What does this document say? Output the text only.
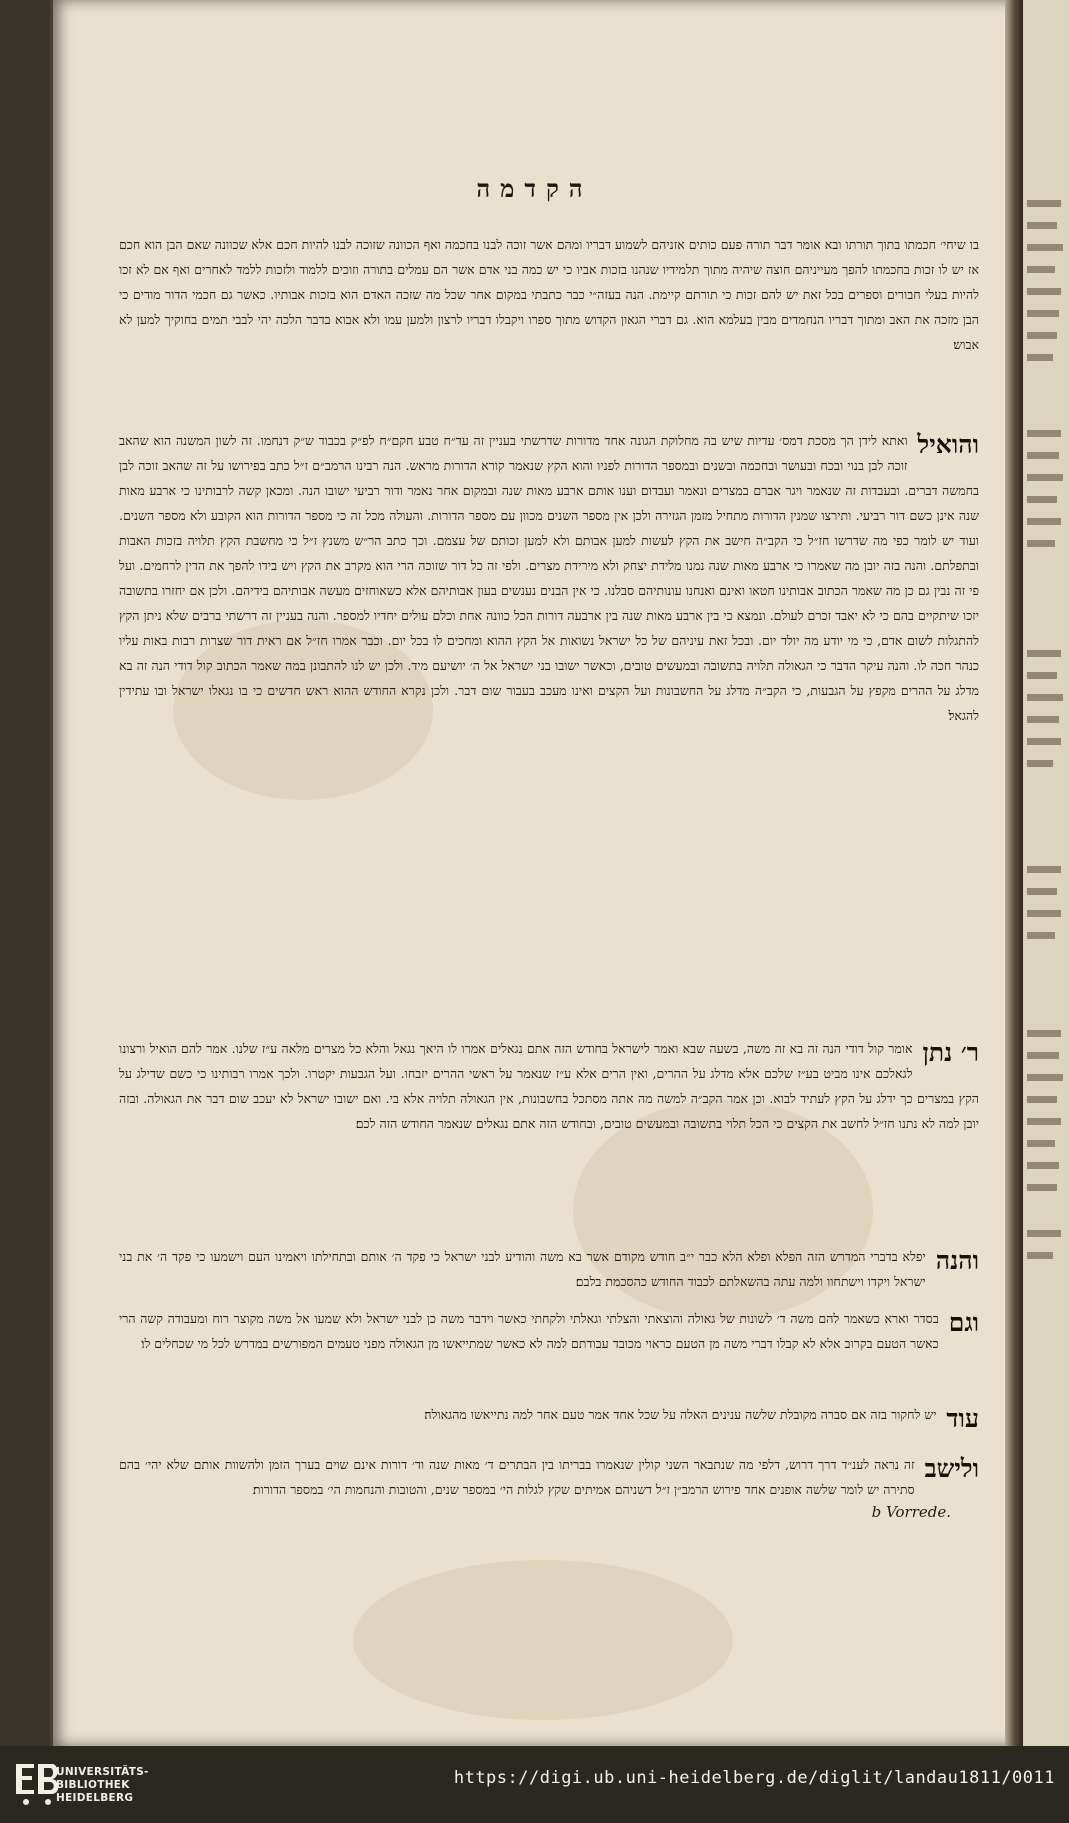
הקדמה
בו שיחי׳ חכמתו בתוך תורתו ובא אומר דבר תורה פעם כותים אזניהם לשמוע דבריו ומהם אשר זוכה לבנו בחכמה ואף הכוונה שזוכה לבנו להיות חכם אלא שכוונה שאם הבן הוא חכם אז יש לו זכות בחכמתו להפך מעייניהם חוצה שיהיה מתוך תלמידיו שנהנו בזכות אביו כי יש כמה בני אדם אשר הם עמלים בתורה וזוכים ללמוד ולזכות ללמד לאחרים ואף אם לא זכו להיות בעלי חבורים וספרים בכל זאת יש להם זכות כי תורתם קיימת. הנה בעזה״י כבר כתבתי במקום אחר שכל מה שזכה האדם הוא בזכות אבותיו. כאשר גם חכמי הדור מודים כי הבן מזכה את האב ומתוך דבריו הנחמדים מבין בעלמא הוא. גם דברי הגאון הקדוש מתוך ספרו ויקבלו דבריו לרצון ולמען עמו ולא אבוא בדבר הלכה יהי לבבי תמים בחוקיך למען לא אבוש׃
והואיל
ואתא לידן הך מסכת דמס׳ עדיות שיש בה מחלוקת הגונה אחד מדורות שדרשתי בעניין זה עד״ח טבע חקם״ח לפ״ק בכבוד ש״ק דנחמו. זה לשון המשנה הוא שהאב זוכה לבן בנוי ובכח ובעושר ובחכמה ובשנים ובמספר הדורות לפניו והוא הקץ שנאמר קורא הדורות מראש. הנה רבינו הרמב״ם ז״ל כתב בפירושו על זה שהאב זוכה לבן בחמשה דברים. ובעבדות זה שנאמר ויגר אברם במצרים ונאמר ועבדום וענו אותם ארבע מאות שנה ובמקום אחר נאמר ודור רביעי ישובו הנה. ומכאן קשה לרבותינו כי ארבע מאות שנה אינן כשם דור רביעי. ותירצו שמנין הדורות מתחיל מזמן הגזירה ולכן אין מספר השנים מכוון עם מספר הדורות. והעולה מכל זה כי מספר הדורות הוא הקובע ולא מספר השנים. ועוד יש לומר כפי מה שדרשו חז״ל כי הקב״ה חישב את הקץ לעשות למען אבותם ולא למען זכותם של עצמם. וכך כתב הר״ש משנץ ז״ל כי מחשבת הקץ תלויה בזכות האבות ובתפלתם. והנה בזה יובן מה שאמרו כי ארבע מאות שנה נמנו מלידת יצחק ולא מירידת מצרים. ולפי זה כל דור שזוכה הרי הוא מקרב את הקץ ויש בידו להפך את הדין לרחמים. ועל פי זה נבין גם כן מה שאמר הכתוב אבותינו חטאו ואינם ואנחנו עונותיהם סבלנו. כי אין הבנים נענשים בעון אבותיהם אלא כשאוחזים מעשה אבותיהם בידיהם. ולכן אם יחזרו בתשובה יזכו שיתקיים בהם כי לא יאבד זכרם לעולם. ונמצא כי בין ארבע מאות שנה בין ארבעה דורות הכל כוונה אחת וכלם עולים יחדיו למספר. והנה בעניין זה דרשתי ברבים שלא ניתן הקץ להתגלות לשום אדם, כי מי יודע מה יולד יום. ובכל זאת עיניהם של כל ישראל נשואות אל הקץ ההוא ומחכים לו בכל יום. וכבר אמרו חז״ל אם ראית דור שצרות רבות באות עליו כנהר חכה לו. והנה עיקר הדבר כי הגאולה תלויה בתשובה ובמעשים טובים, וכאשר ישובו בני ישראל אל ה׳ יושיעם מיד. ולכן יש לנו להתבונן במה שאמר הכתוב קול דודי הנה זה בא מדלג על ההרים מקפץ על הגבעות, כי הקב״ה מדלג על החשבונות ועל הקצים ואינו מעכב בעבור שום דבר. ולכן נקרא החודש ההוא ראש חדשים כי בו נגאלו ישראל ובו עתידין להגאל׃
ר׳ נתן
אומר קול דודי הנה זה בא זה משה, בשעה שבא ואמר לישראל בחודש הזה אתם נגאלים אמרו לו היאך נגאל והלא כל מצרים מלאה ע״ז שלנו. אמר להם הואיל ורצונו לגאלכם אינו מביט בע״ז שלכם אלא מדלג על ההרים, ואין הרים אלא ע״ז שנאמר על ראשי ההרים יזבחו. ועל הגבעות יקטרו. ולכך אמרו רבותינו כי כשם שדילג על הקץ במצרים כך ידלג על הקץ לעתיד לבוא. וכן אמר הקב״ה למשה מה אתה מסתכל בחשבונות, אין הגאולה תלויה אלא בי. ואם ישובו ישראל לא יעכב שום דבר את הגאולה. ובזה יובן למה לא נתנו חז״ל לחשב את הקצים כי הכל תלוי בתשובה ובמעשים טובים, ובחודש הזה אתם נגאלים שנאמר החודש הזה לכם׃
והנה
יפלא בדברי המדרש הזה הפלא ופלא הלא כבר י״ב חודש מקודם אשר בא משה והודיע לבני ישראל כי פקד ה׳ אותם ובתחילתו ויאמינו העם וישמעו כי פקד ה׳ את בני ישראל ויקדו וישתחוו ולמה עתה בהשאלתם לכבוד החודש כהסכמת בלבם׃
וגם
בסדר וארא כשאמר להם משה ד׳ לשונות של גאולה והוצאתי והצלתי וגאלתי ולקחתי כאשר וידבר משה כן לבני ישראל ולא שמעו אל משה מקוצר רוח ומעבודה קשה הרי כאשר הטעם בקרוב אלא לא קבלו דברי משה מן הטעם כראוי מכובד עבודתם למה לא כאשר שמתייאשו מן הגאולה מפני טעמים המפורשים במדרש לכל מי שכחלים לו׃
עוד
יש לחקור בזה אם סברה מקובלת שלשה ענינים האלה על שכל אחד אמר טעם אחר למה נתייאשו מהגאולה׃
ולישב
זה נראה לענ״ד דרך דרוש, דלפי מה שנתבאר השני קולין שנאמרו בבריתו בין הבתרים ד׳ מאות שנה וד׳ דורות אינם שוים בערך הזמן ולהשוות אותם שלא יהי׳ בהם סתירה יש לומר שלשה אופנים אחד פירוש הרמב״ן ז״ל דשניהם אמיתים שקץ לגלות הי׳ במספר שנים, והטובות והנחמות הי׳ במספר הדורות׃
b Vorrede.
UNIVERSITÄTS-
BIBLIOTHEK
HEIDELBERG
https://digi.ub.uni-heidelberg.de/diglit/landau1811/0011
